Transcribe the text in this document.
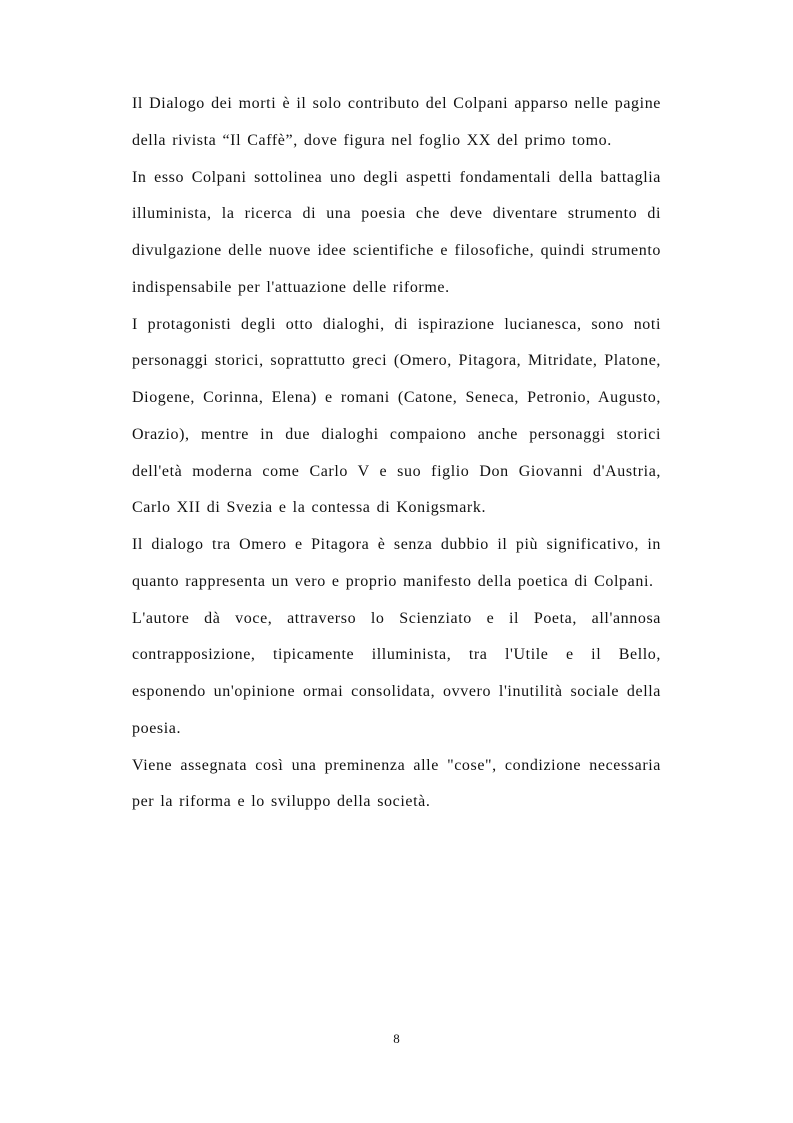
Il Dialogo dei morti è il solo contributo del Colpani apparso nelle pagine della rivista “Il Caffè”, dove figura nel foglio XX del primo tomo.

In esso Colpani sottolinea uno degli aspetti fondamentali della battaglia illuminista, la ricerca di una poesia che deve diventare strumento di divulgazione delle nuove idee scientifiche e filosofiche, quindi strumento indispensabile per l'attuazione delle riforme.

I protagonisti degli otto dialoghi, di ispirazione lucianesca, sono noti personaggi storici, soprattutto greci (Omero, Pitagora, Mitridate, Platone, Diogene, Corinna, Elena) e romani (Catone, Seneca, Petronio, Augusto, Orazio), mentre in due dialoghi compaiono anche personaggi storici dell'età moderna come Carlo V e suo figlio Don Giovanni d'Austria, Carlo XII di Svezia e la contessa di Konigsmark.

Il dialogo tra Omero e Pitagora è senza dubbio il più significativo, in quanto rappresenta un vero e proprio manifesto della poetica di Colpani.

L'autore dà voce, attraverso lo Scienziato e il Poeta, all'annosa contrapposizione, tipicamente illuminista, tra l'Utile e il Bello, esponendo un'opinione ormai consolidata, ovvero l'inutilità sociale della poesia.

Viene assegnata così una preminenza alle "cose", condizione necessaria per la riforma e lo sviluppo della società.

8
